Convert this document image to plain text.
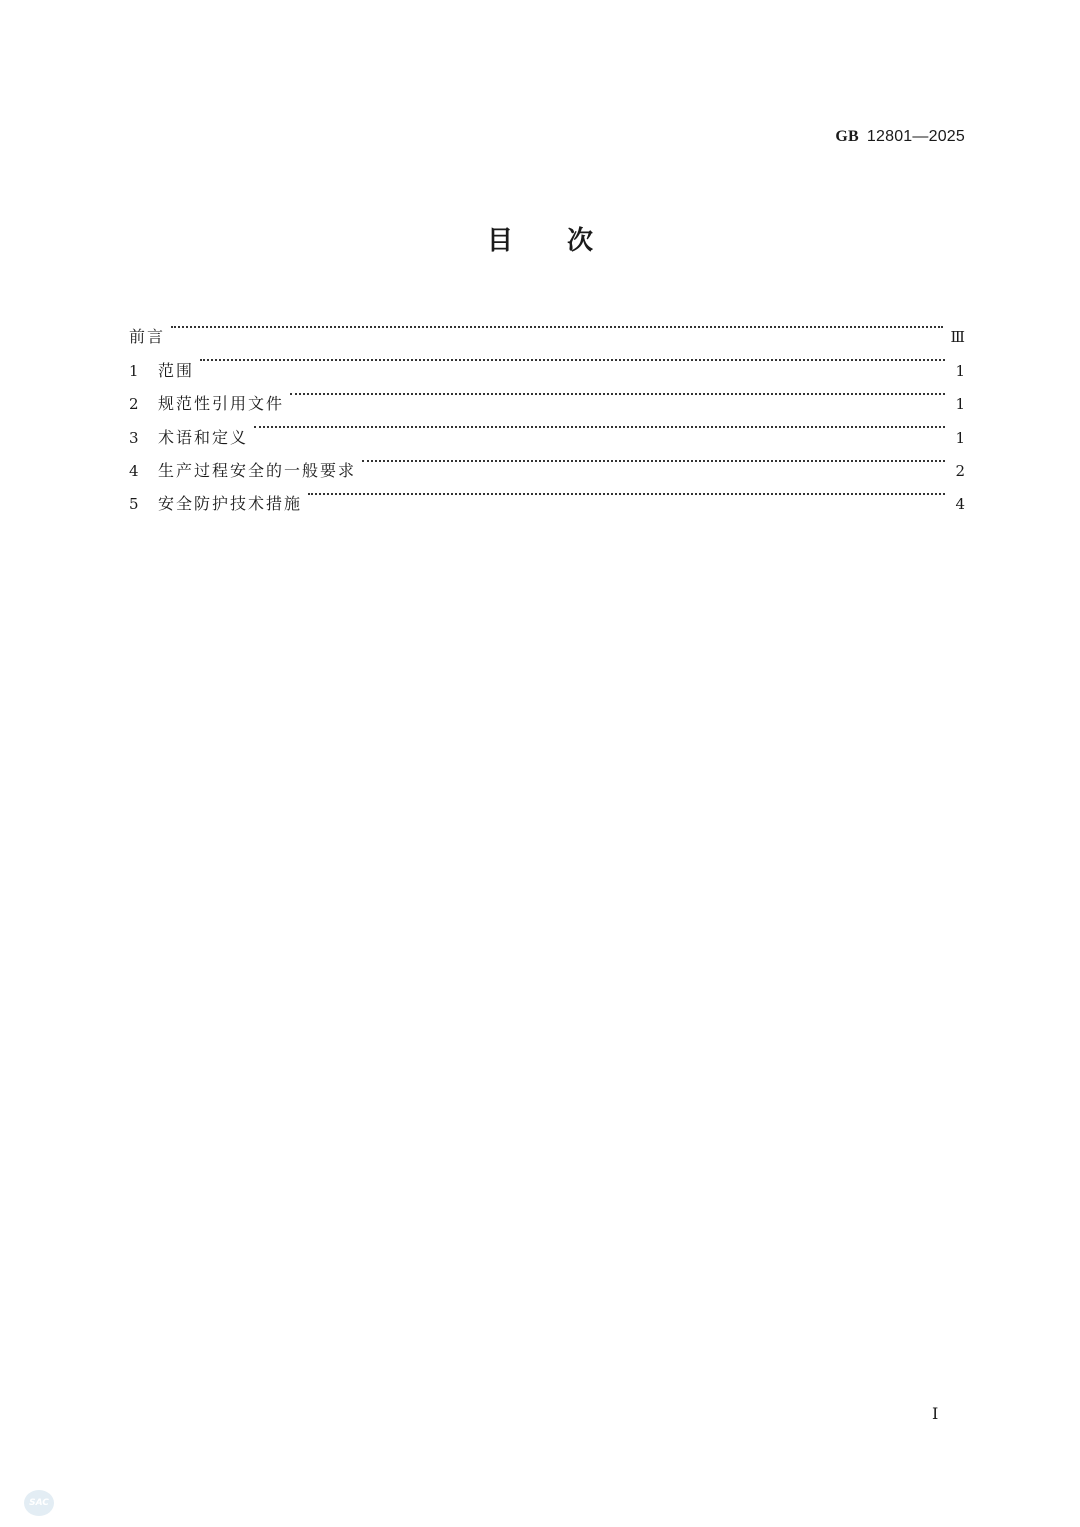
GB 12801—2025
目次
前言	Ⅲ
1	范围	1
2	规范性引用文件	1
3	术语和定义	1
4	生产过程安全的一般要求	2
5	安全防护技术措施	4
I
SAC
